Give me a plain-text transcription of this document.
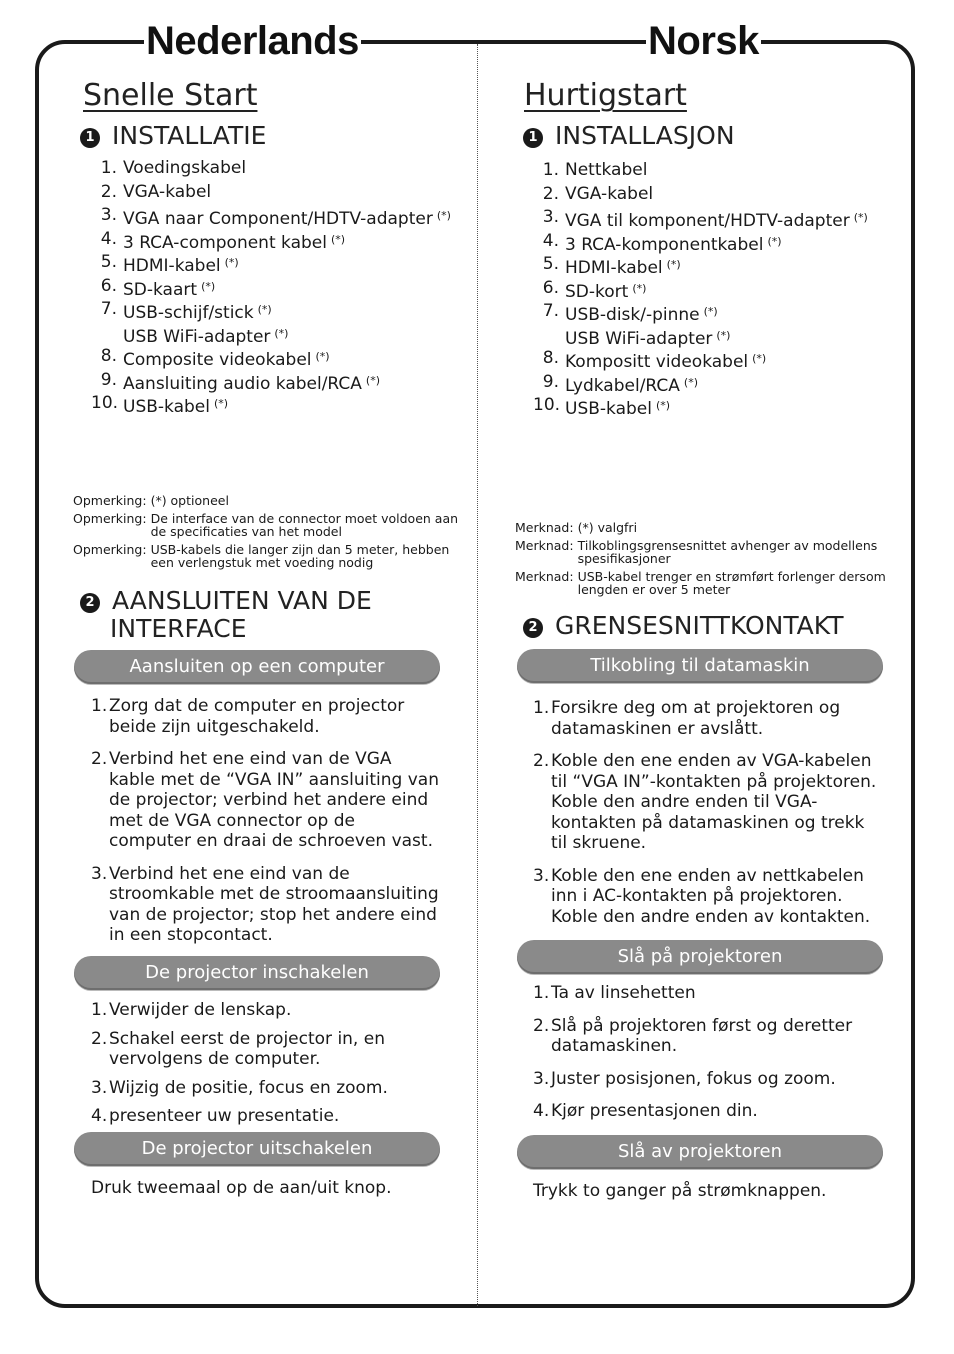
Nederlands	Norsk
Snelle Start
1 INSTALLATIE
1. Voedingskabel
2. VGA-kabel
3. VGA naar Component/HDTV-adapter (*)
4. 3 RCA-component kabel (*)
5. HDMI-kabel (*)
6. SD-kaart (*)
7. USB-schijf/stick (*)
USB WiFi-adapter (*)
8. Composite videokabel (*)
9. Aansluiting audio kabel/RCA (*)
10. USB-kabel (*)
Opmerking: (*) optioneel
Opmerking: De interface van de connector moet voldoen aan de specificaties van het model
Opmerking: USB-kabels die langer zijn dan 5 meter, hebben een verlengstuk met voeding nodig
2 AANSLUITEN VAN DE
INTERFACE
Aansluiten op een computer
1. Zorg dat de computer en projector beide zijn uitgeschakeld.
2. Verbind het ene eind van de VGA kable met de “VGA IN” aansluiting van de projector; verbind het andere eind met de VGA connector op de computer en draai de schroeven vast.
3. Verbind het ene eind van de stroomkable met de stroomaansluiting van de projector; stop het andere eind in een stopcontact.
De projector inschakelen
1. Verwijder de lenskap.
2. Schakel eerst de projector in, en vervolgens de computer.
3. Wijzig de positie, focus en zoom.
4. presenteer uw presentatie.
De projector uitschakelen
Druk tweemaal op de aan/uit knop.
Hurtigstart
1 INSTALLASJON
1. Nettkabel
2. VGA-kabel
3. VGA til komponent/HDTV-adapter (*)
4. 3 RCA-komponentkabel (*)
5. HDMI-kabel (*)
6. SD-kort (*)
7. USB-disk/-pinne (*)
USB WiFi-adapter (*)
8. Kompositt videokabel (*)
9. Lydkabel/RCA (*)
10. USB-kabel (*)
Merknad: (*) valgfri
Merknad: Tilkoblingsgrensesnittet avhenger av modellens spesifikasjoner
Merknad: USB-kabel trenger en strømført forlenger dersom lengden er over 5 meter
2 GRENSESNITTKONTAKT
Tilkobling til datamaskin
1. Forsikre deg om at projektoren og datamaskinen er avslått.
2. Koble den ene enden av VGA-kabelen til “VGA IN”-kontakten på projektoren. Koble den andre enden til VGA-kontakten på datamaskinen og trekk til skruene.
3. Koble den ene enden av nettkabelen inn i AC-kontakten på projektoren. Koble den andre enden av kontakten.
Slå på projektoren
1. Ta av linsehetten
2. Slå på projektoren først og deretter datamaskinen.
3. Juster posisjonen, fokus og zoom.
4. Kjør presentasjonen din.
Slå av projektoren
Trykk to ganger på strømknappen.
